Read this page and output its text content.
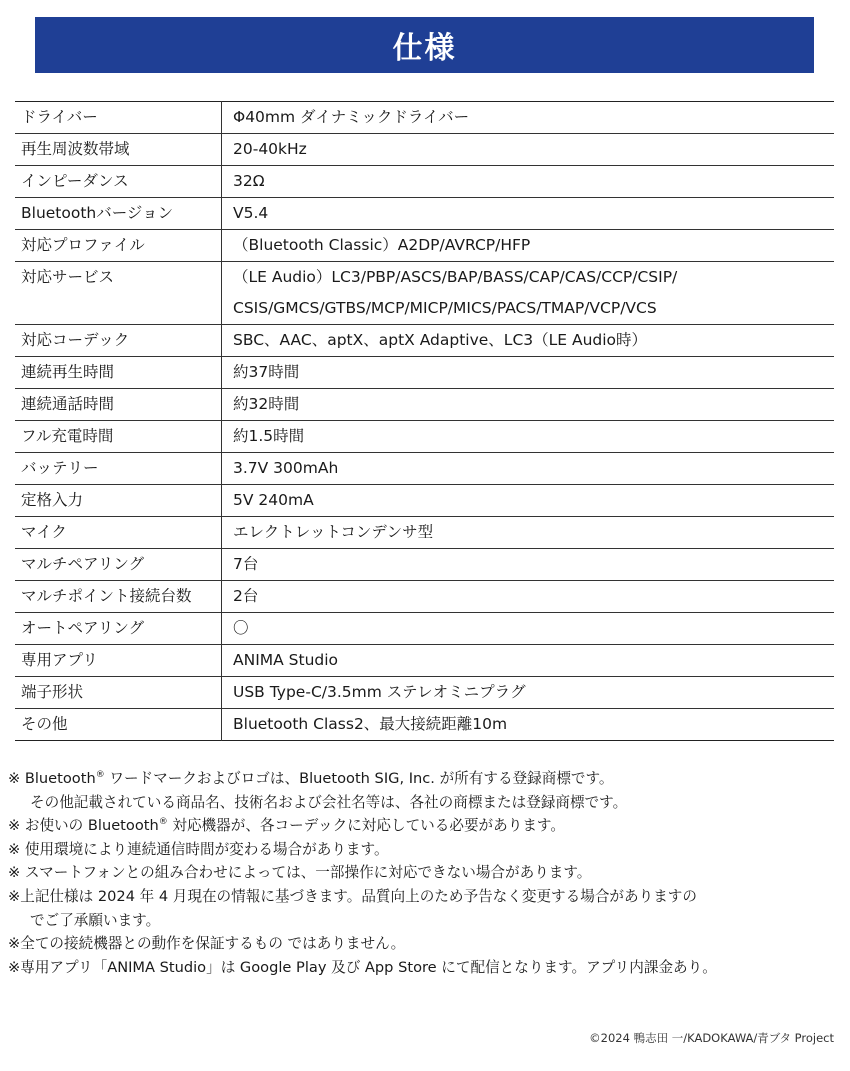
仕様
ドライバー	Φ40mm ダイナミックドライバー

再生周波数帯域	20-40kHz

インピーダンス	32Ω

Bluetoothバージョン	V5.4

対応プロファイル	（Bluetooth Classic）A2DP/AVRCP/HFP

対応サービス	（LE Audio）LC3/PBP/ASCS/BAP/BASS/CAP/CAS/CCP/CSIP/
CSIS/GMCS/GTBS/MCP/MICP/MICS/PACS/TMAP/VCP/VCS

対応コーデック	SBC、AAC、aptX、aptX Adaptive、LC3（LE Audio時）

連続再生時間	約37時間

連続通話時間	約32時間

フル充電時間	約1.5時間

バッテリー	3.7V 300mAh

定格入力	5V 240mA

マイク	エレクトレットコンデンサ型

マルチペアリング	7台

マルチポイント接続台数	2台

オートペアリング	〇

専用アプリ	ANIMA Studio

端子形状	USB Type-C/3.5mm ステレオミニプラグ

その他	Bluetooth Class2、最大接続距離10m
※ Bluetooth® ワードマークおよびロゴは、Bluetooth SIG, Inc. が所有する登録商標です。
その他記載されている商品名、技術名および会社名等は、各社の商標または登録商標です。
※ お使いの Bluetooth® 対応機器が、各コーデックに対応している必要があります。
※ 使用環境により連続通信時間が変わる場合があります。
※ スマートフォンとの組み合わせによっては、一部操作に対応できない場合があります。
※上記仕様は 2024 年 4 月現在の情報に基づきます。品質向上のため予告なく変更する場合がありますの
でご了承願います。
※全ての接続機器との動作を保証するもの ではありません。
※専用アプリ「ANIMA Studio」は Google Play 及び App Store にて配信となります。アプリ内課金あり。
©2024 鴨志田 一/KADOKAWA/青ブタ Project
